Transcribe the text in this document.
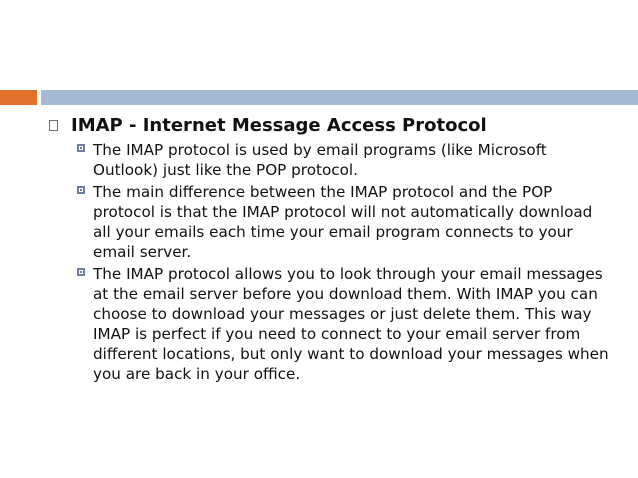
IMAP - Internet Message Access Protocol
The IMAP protocol is used by email programs (like Microsoft Outlook) just like the POP protocol.
The main difference between the IMAP protocol and the POP protocol is that the IMAP protocol will not automatically download all your emails each time your email program connects to your email server.
The IMAP protocol allows you to look through your email messages at the email server before you download them. With IMAP you can choose to download your messages or just delete them. This way IMAP is perfect if you need to connect to your email server from different locations, but only want to download your messages when you are back in your office.
